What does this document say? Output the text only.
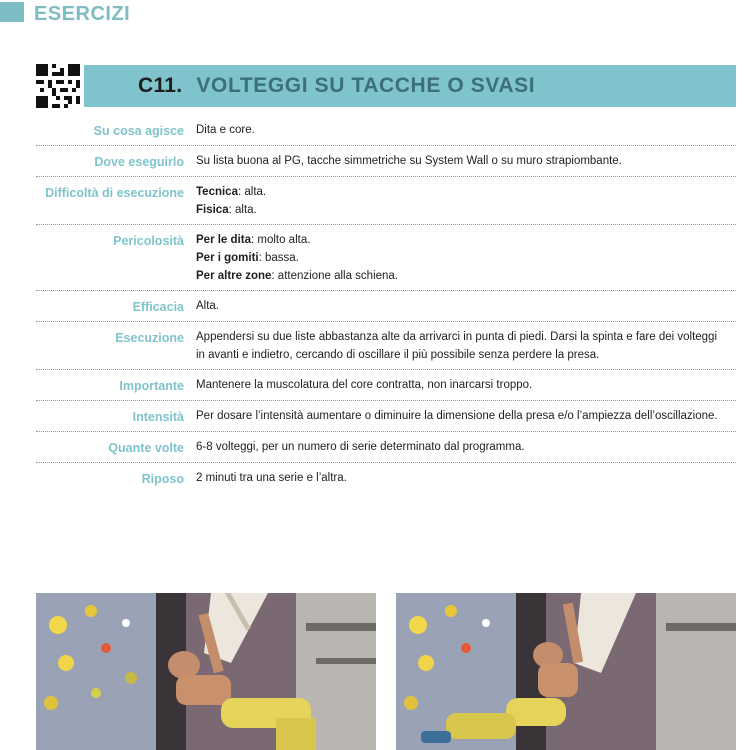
ESERCIZI
C11. VOLTEGGI SU TACCHE O SVASI
Su cosa agisce Dita e core.
Dove eseguirlo Su lista buona al PG, tacche simmetriche su System Wall o su muro strapiombante.
Difficoltà di esecuzione Tecnica: alta.
Fisica: alta.
Pericolosità Per le dita: molto alta.
Per i gomiti: bassa.
Per altre zone: attenzione alla schiena.
Efficacia Alta.
Esecuzione Appendersi su due liste abbastanza alte da arrivarci in punta di piedi. Darsi la spinta e fare dei volteggi in avanti e indietro, cercando di oscillare il più possibile senza perdere la presa.
Importante Mantenere la muscolatura del core contratta, non inarcarsi troppo.
Intensità Per dosare l’intensità aumentare o diminuire la dimensione della presa e/o l’ampiezza dell’oscillazione.
Quante volte 6-8 volteggi, per un numero di serie determinato dal programma.
Riposo 2 minuti tra una serie e l’altra.
